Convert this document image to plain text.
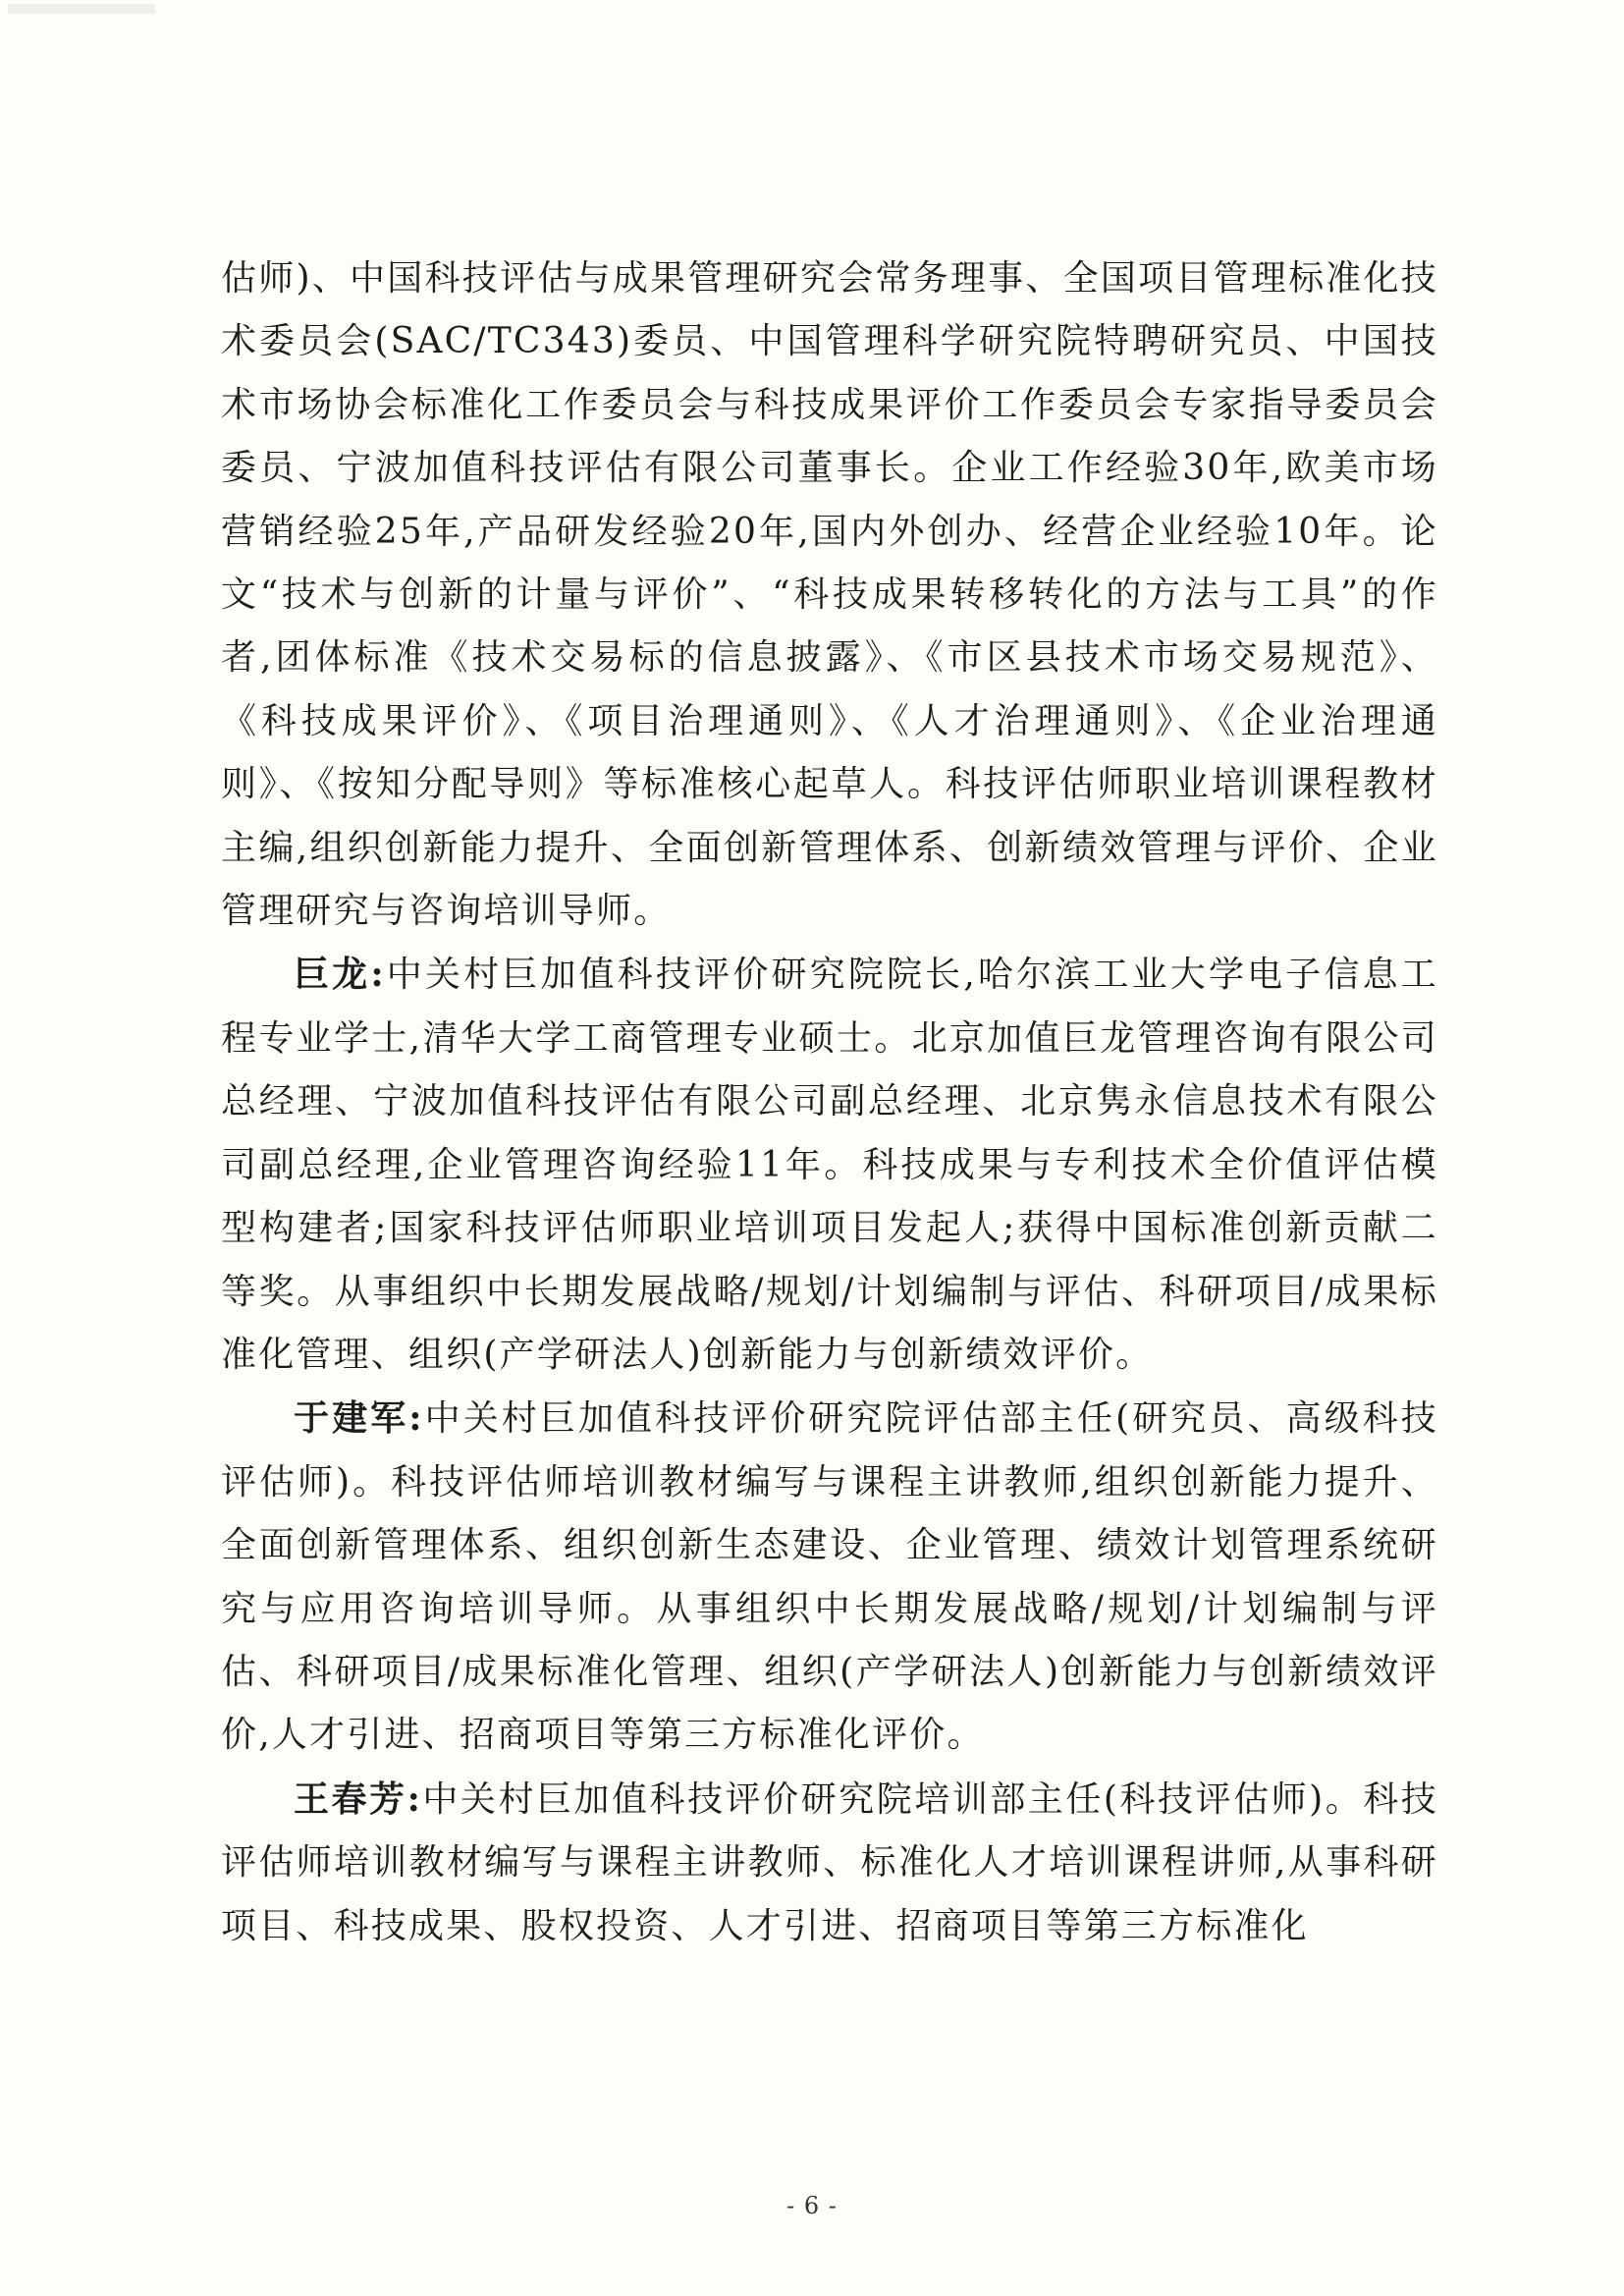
估师)、中国科技评估与成果管理研究会常务理事、全国项目管理标准化技术委员会(SAC/TC343)委员、中国管理科学研究院特聘研究员、中国技术市场协会标准化工作委员会与科技成果评价工作委员会专家指导委员会委员、宁波加值科技评估有限公司董事长。企业工作经验30年,欧美市场营销经验25年,产品研发经验20年,国内外创办、经营企业经验10年。论文“技术与创新的计量与评价”、“科技成果转移转化的方法与工具”的作者,团体标准《技术交易标的信息披露》、《市区县技术市场交易规范》、《科技成果评价》、《项目治理通则》、《人才治理通则》、《企业治理通则》、《按知分配导则》等标准核心起草人。科技评估师职业培训课程教材主编,组织创新能力提升、全面创新管理体系、创新绩效管理与评价、企业管理研究与咨询培训导师。

巨龙:中关村巨加值科技评价研究院院长,哈尔滨工业大学电子信息工程专业学士,清华大学工商管理专业硕士。北京加值巨龙管理咨询有限公司总经理、宁波加值科技评估有限公司副总经理、北京隽永信息技术有限公司副总经理,企业管理咨询经验11年。科技成果与专利技术全价值评估模型构建者;国家科技评估师职业培训项目发起人;获得中国标准创新贡献二等奖。从事组织中长期发展战略/规划/计划编制与评估、科研项目/成果标准化管理、组织(产学研法人)创新能力与创新绩效评价。

于建军:中关村巨加值科技评价研究院评估部主任(研究员、高级科技评估师)。科技评估师培训教材编写与课程主讲教师,组织创新能力提升、全面创新管理体系、组织创新生态建设、企业管理、绩效计划管理系统研究与应用咨询培训导师。从事组织中长期发展战略/规划/计划编制与评估、科研项目/成果标准化管理、组织(产学研法人)创新能力与创新绩效评价,人才引进、招商项目等第三方标准化评价。

王春芳:中关村巨加值科技评价研究院培训部主任(科技评估师)。科技评估师培训教材编写与课程主讲教师、标准化人才培训课程讲师,从事科研项目、科技成果、股权投资、人才引进、招商项目等第三方标准化

- 6 -
